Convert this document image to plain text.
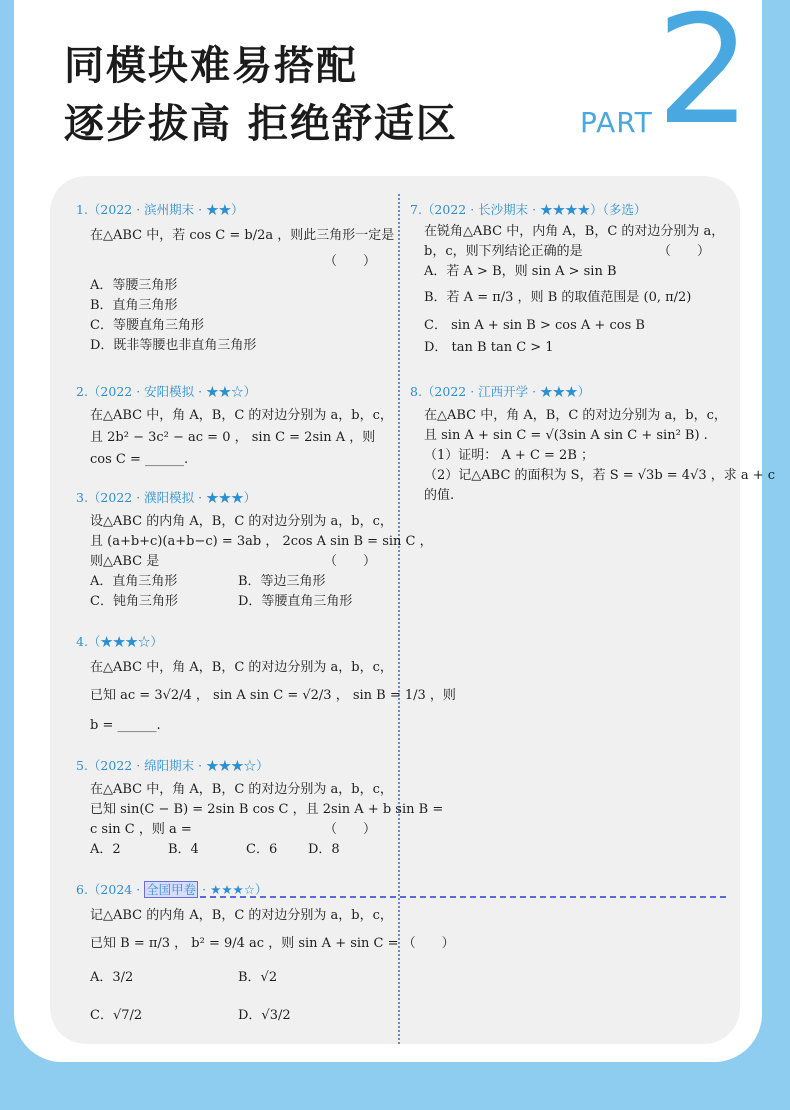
同模块难易搭配
逐步拔高 拒绝舒适区	PART 2
1.（2022 · 滨州期末 · ★★）
在△ABC 中，若 cos C = b/2a ，则此三角形一定是
（　　）

A．等腰三角形
B．直角三角形
C．等腰直角三角形
D．既非等腰也非直角三角形
2.（2022 · 安阳模拟 · ★★☆）
在△ABC 中，角 A，B，C 的对边分别为 a，b，c，
且 2b² − 3c² − ac = 0 ， sin C = 2sin A ，则
cos C = ______.
3.（2022 · 濮阳模拟 · ★★★）
设△ABC 的内角 A，B，C 的对边分别为 a，b，c，
且 (a+b+c)(a+b−c) = 3ab ， 2cos A sin B = sin C ，
（　　）
则△ABC 是
A．直角三角形	B．等边三角形
C．钝角三角形	D．等腰直角三角形
4.（★★★☆）
在△ABC 中，角 A，B，C 的对边分别为 a，b，c，
已知 ac = 3√2/4 ， sin A sin C = √2/3 ， sin B = 1/3 ，则
b = ______.
5.（2022 · 绵阳期末 · ★★★☆）
在△ABC 中，角 A，B，C 的对边分别为 a，b，c，
已知 sin(C − B) = 2sin B cos C ，且 2sin A + b sin B =
（　　）
c sin C ，则 a =
A．2	B．4	C．6	D．8
6.（2024 · 全国甲卷 · ★★★☆）
记△ABC 的内角 A，B，C 的对边分别为 a，b，c，
已知 B = π/3 ， b² = 9/4 ac ，则 sin A + sin C = （　　）
A．3/2	B．√2
C．√7/2	D．√3/2
7.（2022 · 长沙期末 · ★★★★）（多选）
在锐角△ABC 中，内角 A，B，C 的对边分别为 a，
（　　）
b，c，则下列结论正确的是
A．若 A > B，则 sin A > sin B
B．若 A = π/3 ，则 B 的取值范围是 (0, π/2)
C． sin A + sin B > cos A + cos B
D． tan B tan C > 1
8.（2022 · 江西开学 · ★★★）
在△ABC 中，角 A，B，C 的对边分别为 a，b，c，
且 sin A + sin C = √(3sin A sin C + sin² B) .
（1）证明： A + C = 2B ；
（2）记△ABC 的面积为 S，若 S = √3b = 4√3 ，求 a + c
的值.
